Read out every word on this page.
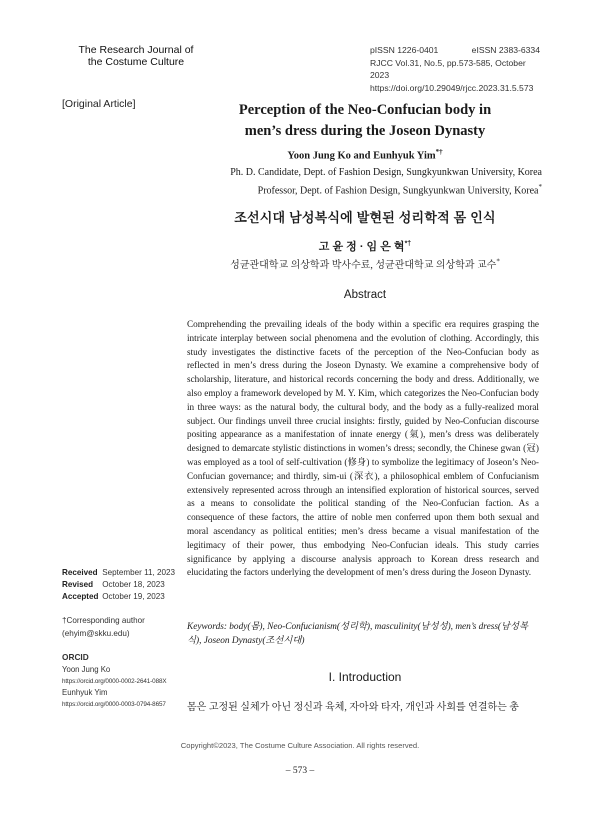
The Research Journal of
the Costume Culture
pISSN 1226-0401	eISSN 2383-6334
RJCC Vol.31, No.5, pp.573-585, October 2023
https://doi.org/10.29049/rjcc.2023.31.5.573
[Original Article]	Perception of the Neo-Confucian body in
men’s dress during the Joseon Dynasty
Yoon Jung Ko and Eunhyuk Yim*†
Ph. D. Candidate, Dept. of Fashion Design, Sungkyunkwan University, Korea
Professor, Dept. of Fashion Design, Sungkyunkwan University, Korea*
조선시대 남성복식에 발현된 성리학적 몸 인식
고 윤 정 · 임 은 혁*†
성균관대학교 의상학과 박사수료, 성균관대학교 의상학과 교수*
Abstract
Comprehending the prevailing ideals of the body within a specific era requires grasping the intricate interplay between social phenomena and the evolution of clothing. Accordingly, this study investigates the distinctive facets of the perception of the Neo-Confucian body as reflected in men’s dress during the Joseon Dynasty. We examine a comprehensive body of scholarship, literature, and historical records concerning the body and dress. Additionally, we also employ a framework developed by M. Y. Kim, which categorizes the Neo-Confucian body in three ways: as the natural body, the cultural body, and the body as a fully-realized moral subject. Our findings unveil three crucial insights: firstly, guided by Neo-Confucian discourse positing appearance as a manifestation of innate energy (氣), men’s dress was deliberately designed to demarcate stylistic distinctions in women’s dress; secondly, the Chinese gwan (冠) was employed as a tool of self-cultivation (修身) to symbolize the legitimacy of Joseon’s Neo-Confucian governance; and thirdly, sim-ui (深衣), a philosophical emblem of Confucianism extensively represented across through an intensified exploration of historical sources, served as a means to consolidate the political standing of the Neo-Confucian faction. As a consequence of these factors, the attire of noble men conferred upon them both sexual and moral ascendancy as political entities; men’s dress became a visual manifestation of the legitimacy of their power, thus embodying Neo-Confucian ideals. This study carries significance by applying a discourse analysis approach to Korean dress research and elucidating the factors underlying the development of men’s dress during the Joseon Dynasty.
Keywords: body(몸), Neo-Confucianism(성리학), masculinity(남성성), men’s dress(남성복식), Joseon Dynasty(조선시대)
I. Introduction
몸은 고정된 실체가 아닌 정신과 육체, 자아와 타자, 개인과 사회를 연결하는 총
Received September 11, 2023
Revised October 18, 2023
Accepted October 19, 2023
†Corresponding author
(ehyim@skku.edu)
ORCID
Yoon Jung Ko
https://orcid.org/0000-0002-2641-088X
Eunhyuk Yim
https://orcid.org/0000-0003-0794-8657
Copyright©2023, The Costume Culture Association. All rights reserved.
– 573 –
